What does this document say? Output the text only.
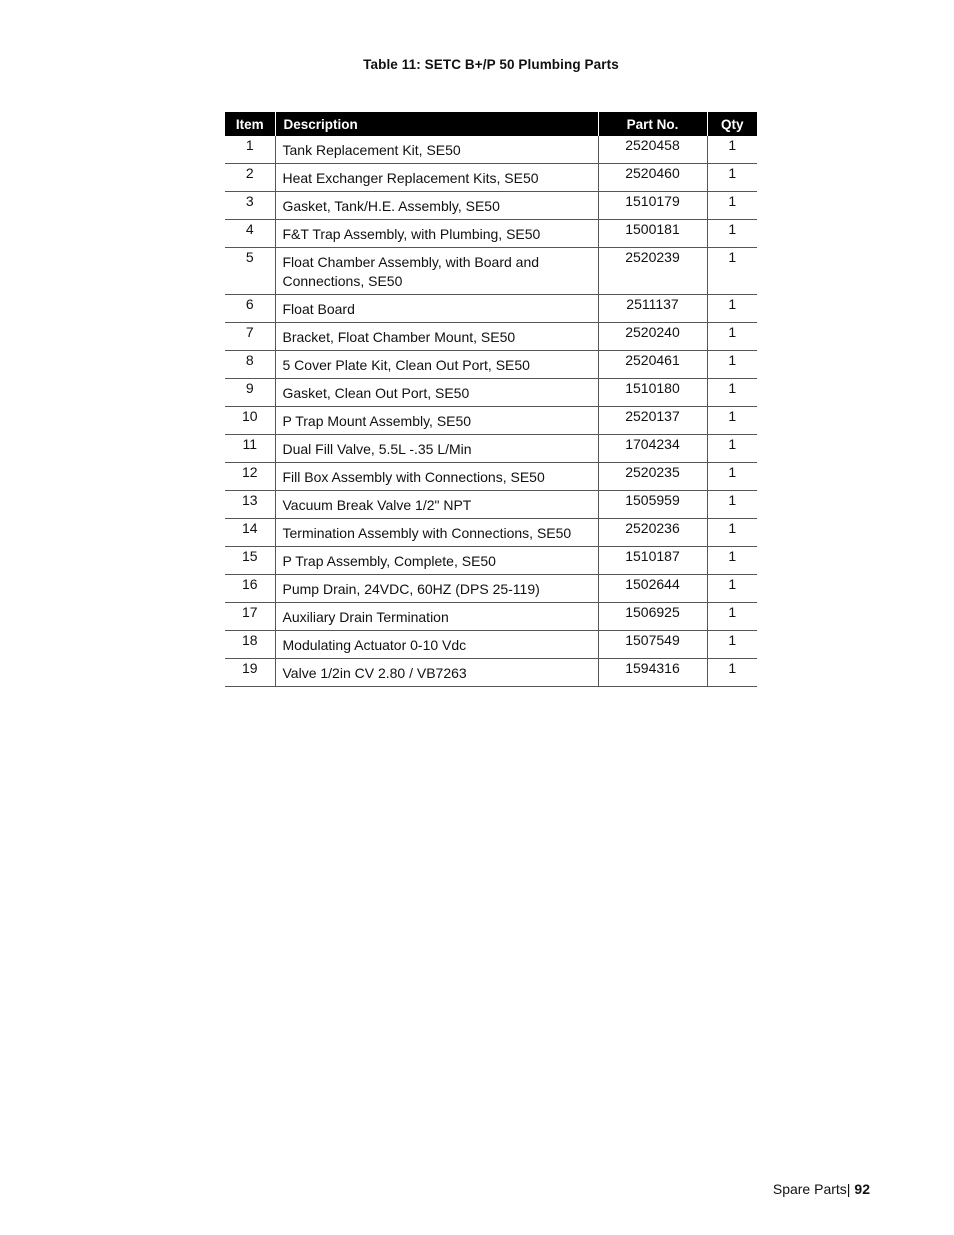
Table 11: SETC B+/P 50 Plumbing Parts
Item	Description	Part No.	Qty
1	Tank Replacement Kit, SE50	2520458	1
2	Heat Exchanger Replacement Kits, SE50	2520460	1
3	Gasket, Tank/H.E. Assembly, SE50	1510179	1
4	F&T Trap Assembly, with Plumbing, SE50	1500181	1
5	Float Chamber Assembly, with Board and Connections, SE50	2520239	1
6	Float Board	2511137	1
7	Bracket, Float Chamber Mount, SE50	2520240	1
8	5 Cover Plate Kit, Clean Out Port, SE50	2520461	1
9	Gasket, Clean Out Port, SE50	1510180	1
10	P Trap Mount Assembly, SE50	2520137	1
11	Dual Fill Valve, 5.5L -.35 L/Min	1704234	1
12	Fill Box Assembly with Connections, SE50	2520235	1
13	Vacuum Break Valve 1/2" NPT	1505959	1
14	Termination Assembly with Connections, SE50	2520236	1
15	P Trap Assembly, Complete, SE50	1510187	1
16	Pump Drain, 24VDC, 60HZ (DPS 25-119)	1502644	1
17	Auxiliary Drain Termination	1506925	1
18	Modulating Actuator 0-10 Vdc	1507549	1
19	Valve 1/2in CV 2.80 / VB7263	1594316	1
Spare Parts| 92
